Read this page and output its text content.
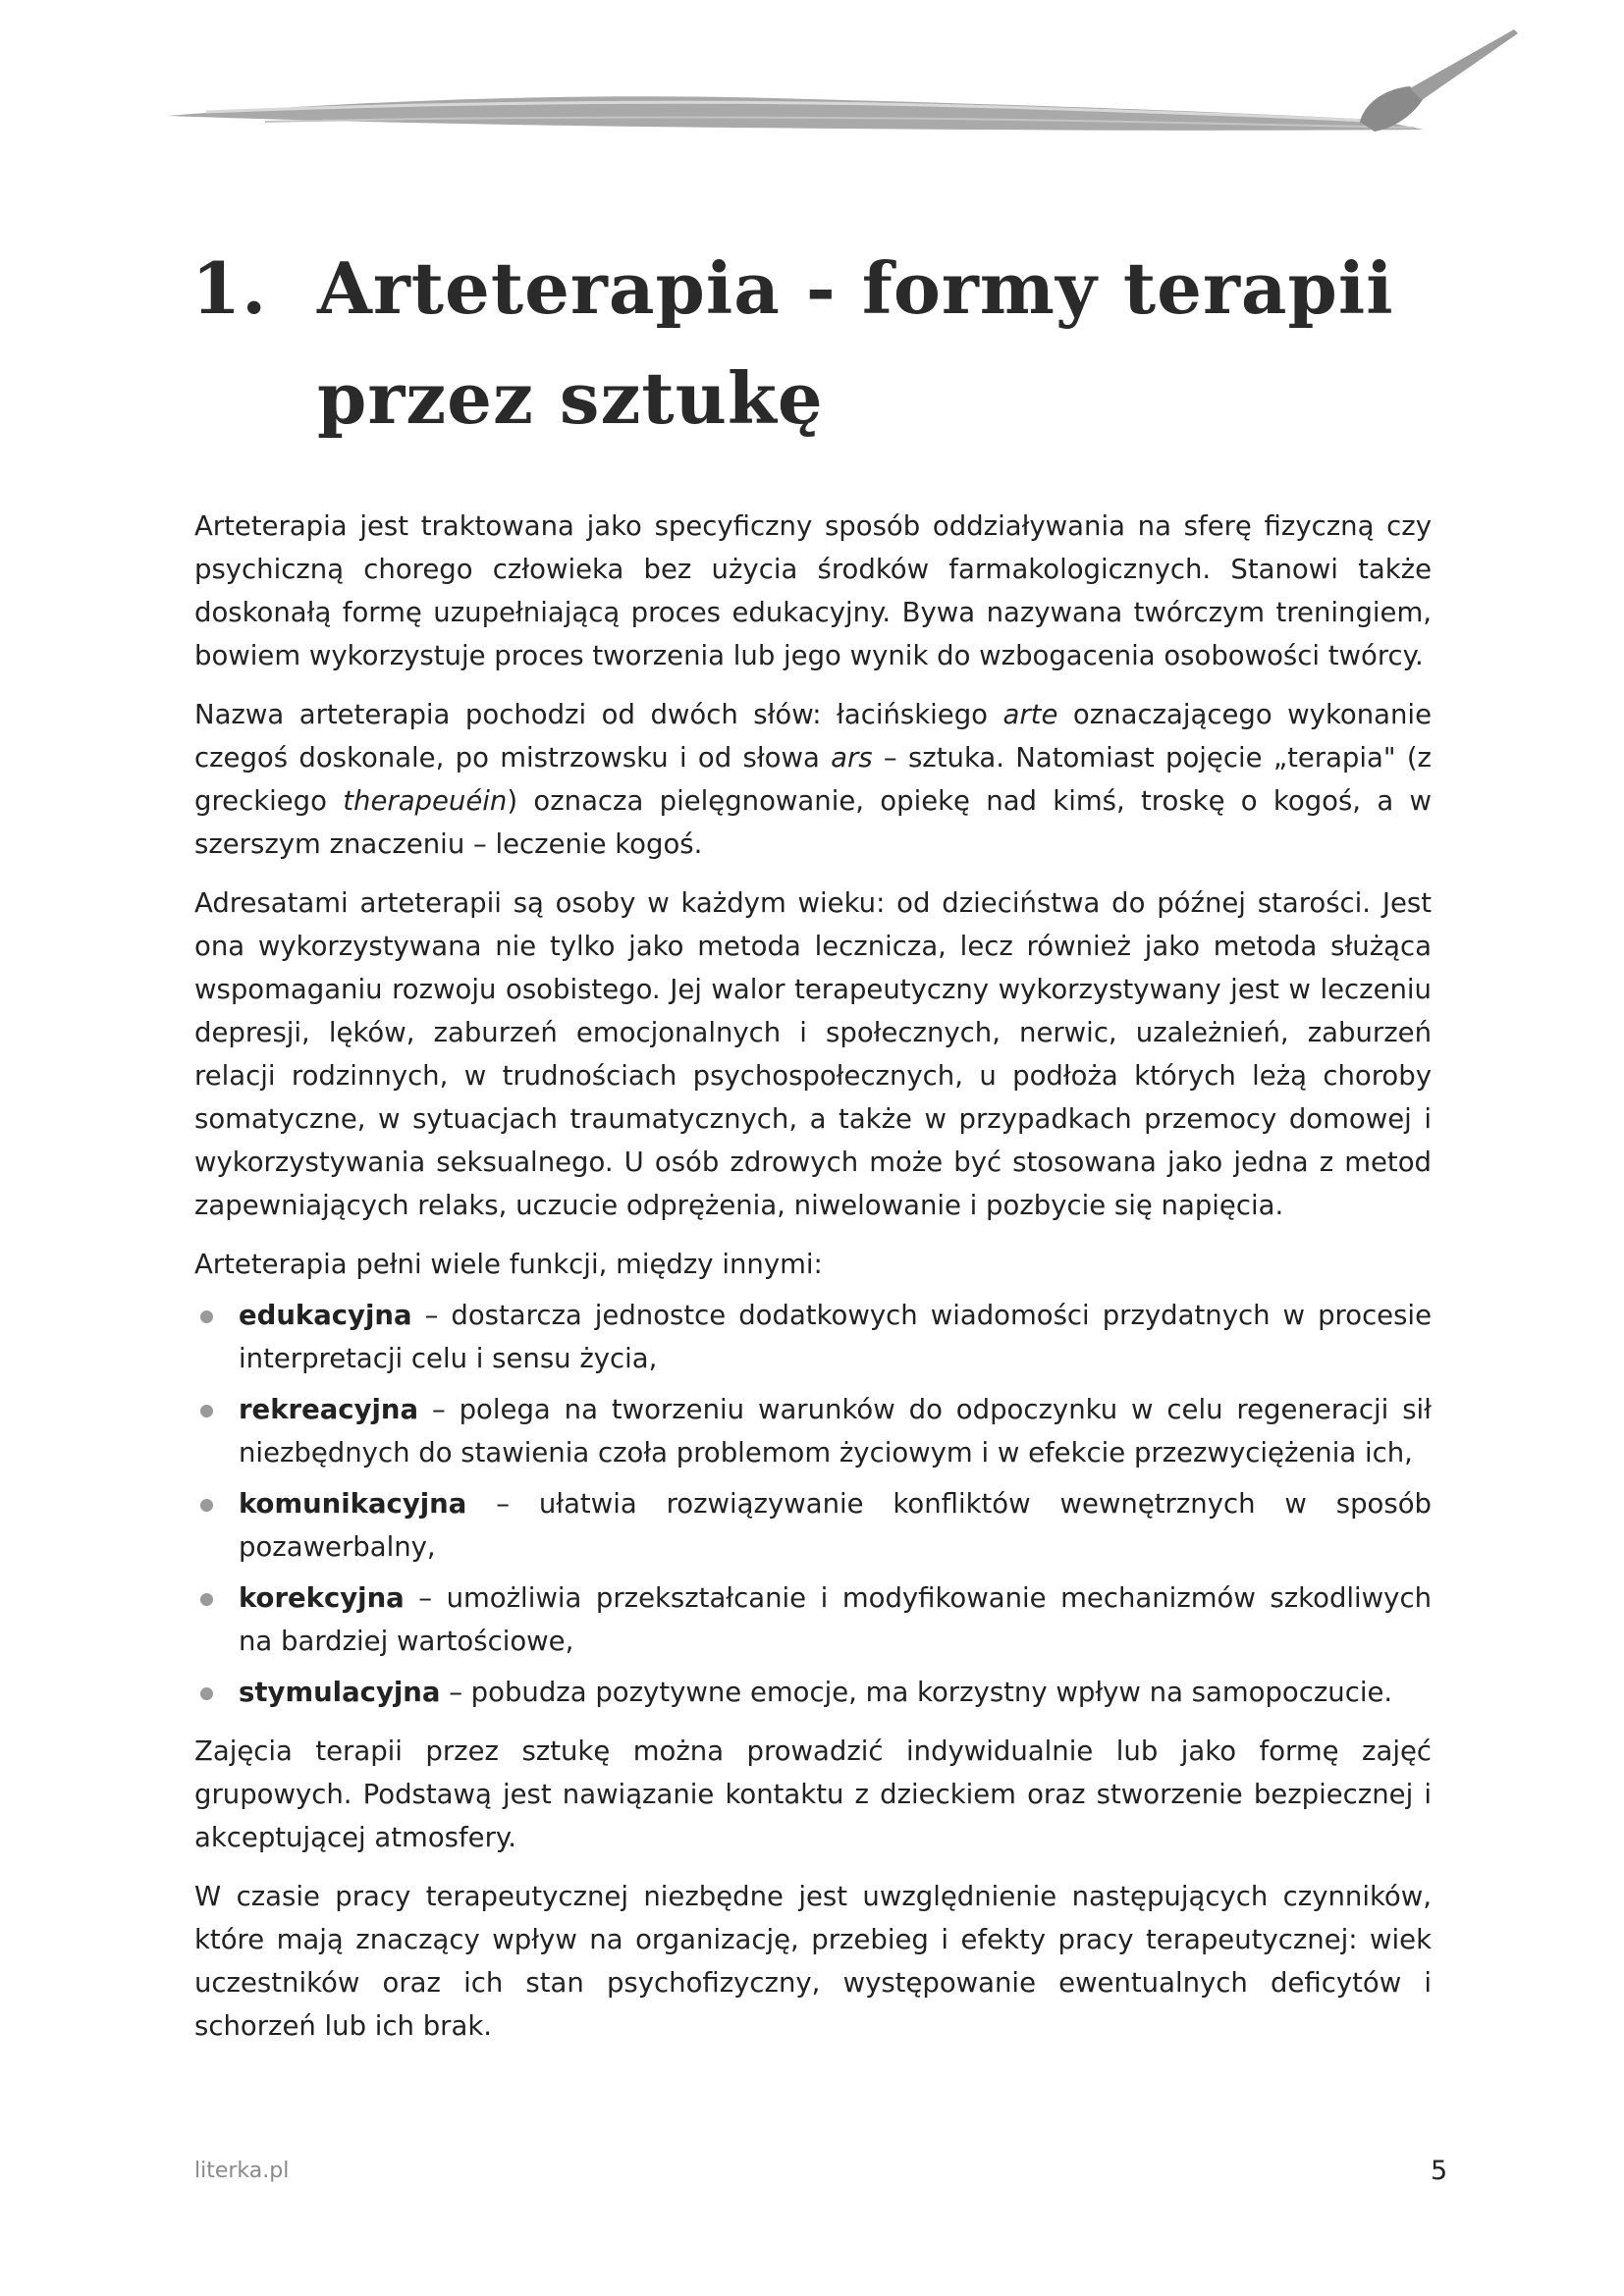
1. Arteterapia - formy terapii
przez sztukę

Arteterapia jest traktowana jako specyficzny sposób oddziaływania na sferę fizyczną czy psychiczną chorego człowieka bez użycia środków farmakologicznych. Stanowi także doskonałą formę uzupełniającą proces edukacyjny. Bywa nazywana twórczym treningiem, bowiem wykorzystuje proces tworzenia lub jego wynik do wzbogacenia osobowości twórcy.

Nazwa arteterapia pochodzi od dwóch słów: łacińskiego arte oznaczającego wykonanie czegoś doskonale, po mistrzowsku i od słowa ars – sztuka. Natomiast pojęcie „terapia" (z greckiego therapeuéin) oznacza pielęgnowanie, opiekę nad kimś, troskę o kogoś, a w szerszym znaczeniu – leczenie kogoś.

Adresatami arteterapii są osoby w każdym wieku: od dzieciństwa do późnej starości. Jest ona wykorzystywana nie tylko jako metoda lecznicza, lecz również jako metoda służąca wspomaganiu rozwoju osobistego. Jej walor terapeutyczny wykorzystywany jest w leczeniu depresji, lęków, zaburzeń emocjonalnych i społecznych, nerwic, uzależnień, zaburzeń relacji rodzinnych, w trudnościach psychospołecznych, u podłoża których leżą choroby somatyczne, w sytuacjach traumatycznych, a także w przypadkach przemocy domowej i wykorzystywania seksualnego. U osób zdrowych może być stosowana jako jedna z metod zapewniających relaks, uczucie odprężenia, niwelowanie i pozbycie się napięcia.

Arteterapia pełni wiele funkcji, między innymi:

edukacyjna – dostarcza jednostce dodatkowych wiadomości przydatnych w procesie interpretacji celu i sensu życia,
rekreacyjna – polega na tworzeniu warunków do odpoczynku w celu regeneracji sił niezbędnych do stawienia czoła problemom życiowym i w efekcie przezwyciężenia ich,
komunikacyjna – ułatwia rozwiązywanie konfliktów wewnętrznych w sposób pozawerbalny,
korekcyjna – umożliwia przekształcanie i modyfikowanie mechanizmów szkodliwych na bardziej wartościowe,
stymulacyjna – pobudza pozytywne emocje, ma korzystny wpływ na samopoczucie.

Zajęcia terapii przez sztukę można prowadzić indywidualnie lub jako formę zajęć grupowych. Podstawą jest nawiązanie kontaktu z dzieckiem oraz stworzenie bezpiecznej i akceptującej atmosfery.

W czasie pracy terapeutycznej niezbędne jest uwzględnienie następujących czynników, które mają znaczący wpływ na organizację, przebieg i efekty pracy terapeutycznej: wiek uczestników oraz ich stan psychofizyczny, występowanie ewentualnych deficytów i schorzeń lub ich brak.

literka.pl	5
